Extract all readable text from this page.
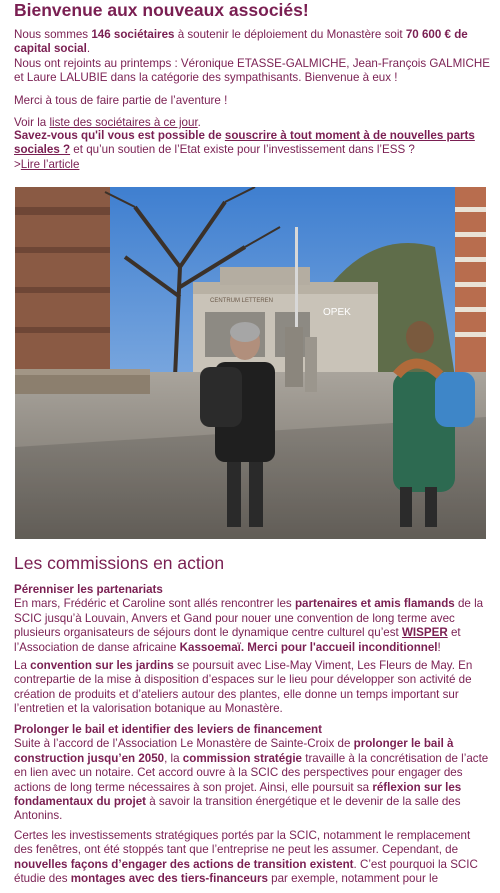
Bienvenue aux nouveaux associés!
Nous sommes 146 sociétaires à soutenir le déploiement du Monastère soit 70 600 € de capital social.
Nous ont rejoints au printemps : Véronique ETASSE-GALMICHE, Jean-François GALMICHE et Laure LALUBIE dans la catégorie des sympathisants. Bienvenue à eux !
Merci à tous de faire partie de l’aventure !
Voir la liste des sociétaires à ce jour.
Savez-vous qu'il vous est possible de souscrire à tout moment à de nouvelles parts sociales ? et qu’un soutien de l’Etat existe pour l’investissement dans l’ESS ?
>Lire l’article
CENTRUM LETTEREN
OPEK
Les commissions en action
Pérenniser les partenariats
En mars, Frédéric et Caroline sont allés rencontrer les partenaires et amis flamands de la SCIC jusqu’à Louvain, Anvers et Gand pour nouer une convention de long terme avec plusieurs organisateurs de séjours dont le dynamique centre culturel qu’est WISPER et l’Association de danse africaine Kassoemaï. Merci pour l'accueil inconditionnel!
La convention sur les jardins se poursuit avec Lise-May Viment, Les Fleurs de May. En contrepartie de la mise à disposition d’espaces sur le lieu pour développer son activité de création de produits et d’ateliers autour des plantes, elle donne un temps important sur l’entretien et la valorisation botanique au Monastère.
Prolonger le bail et identifier des leviers de financement
Suite à l’accord de l’Association Le Monastère de Sainte-Croix de prolonger le bail à construction jusqu’en 2050, la commission stratégie travaille à la concrétisation de l’acte en lien avec un notaire. Cet accord ouvre à la SCIC des perspectives pour engager des actions de long terme nécessaires à son projet. Ainsi, elle poursuit sa réflexion sur les fondamentaux du projet à savoir la transition énergétique et le devenir de la salle des Antonins.
Certes les investissements stratégiques portés par la SCIC, notamment le remplacement des fenêtres, ont été stoppés tant que l’entreprise ne peut les assumer. Cependant, de nouvelles façons d’engager des actions de transition existent. C’est pourquoi la SCIC étudie des montages avec des tiers-financeurs par exemple, notamment pour le
